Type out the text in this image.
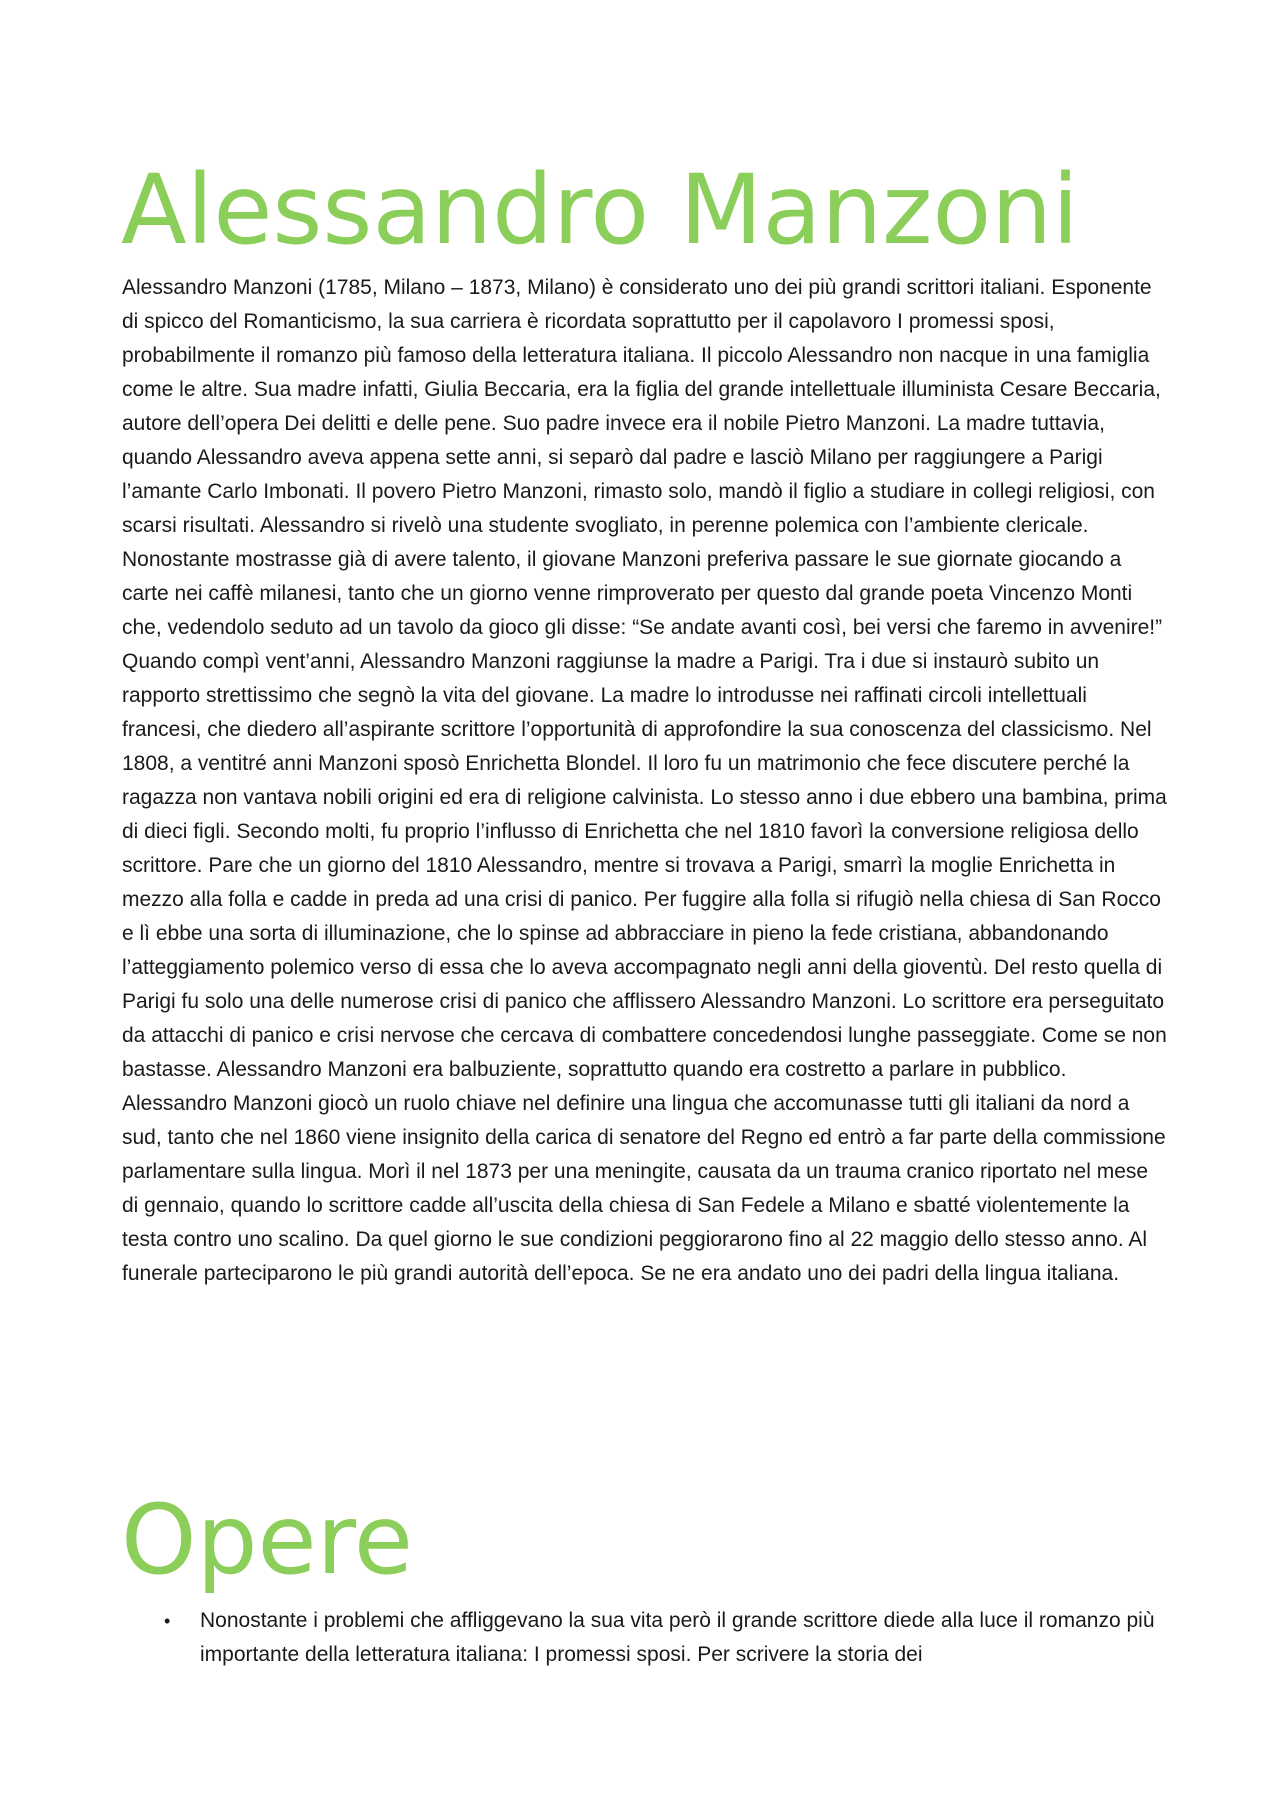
Alessandro Manzoni

Alessandro Manzoni (1785, Milano – 1873, Milano) è considerato uno dei più grandi scrittori italiani. Esponente di spicco del Romanticismo, la sua carriera è ricordata soprattutto per il capolavoro I promessi sposi, probabilmente il romanzo più famoso della letteratura italiana. Il piccolo Alessandro non nacque in una famiglia come le altre. Sua madre infatti, Giulia Beccaria, era la figlia del grande intellettuale illuminista Cesare Beccaria, autore dell’opera Dei delitti e delle pene. Suo padre invece era il nobile Pietro Manzoni. La madre tuttavia, quando Alessandro aveva appena sette anni, si separò dal padre e lasciò Milano per raggiungere a Parigi l’amante Carlo Imbonati. Il povero Pietro Manzoni, rimasto solo, mandò il figlio a studiare in collegi religiosi, con scarsi risultati. Alessandro si rivelò una studente svogliato, in perenne polemica con l’ambiente clericale. Nonostante mostrasse già di avere talento, il giovane Manzoni preferiva passare le sue giornate giocando a carte nei caffè milanesi, tanto che un giorno venne rimproverato per questo dal grande poeta Vincenzo Monti che, vedendolo seduto ad un tavolo da gioco gli disse: “Se andate avanti così, bei versi che faremo in avvenire!” Quando compì vent’anni, Alessandro Manzoni raggiunse la madre a Parigi. Tra i due si instaurò subito un rapporto strettissimo che segnò la vita del giovane. La madre lo introdusse nei raffinati circoli intellettuali francesi, che diedero all’aspirante scrittore l’opportunità di approfondire la sua conoscenza del classicismo. Nel 1808, a ventitré anni Manzoni sposò Enrichetta Blondel. Il loro fu un matrimonio che fece discutere perché la ragazza non vantava nobili origini ed era di religione calvinista. Lo stesso anno i due ebbero una bambina, prima di dieci figli. Secondo molti, fu proprio l’influsso di Enrichetta che nel 1810 favorì la conversione religiosa dello scrittore. Pare che un giorno del 1810 Alessandro, mentre si trovava a Parigi, smarrì la moglie Enrichetta in mezzo alla folla e cadde in preda ad una crisi di panico. Per fuggire alla folla si rifugiò nella chiesa di San Rocco e lì ebbe una sorta di illuminazione, che lo spinse ad abbracciare in pieno la fede cristiana, abbandonando l’atteggiamento polemico verso di essa che lo aveva accompagnato negli anni della gioventù. Del resto quella di Parigi fu solo una delle numerose crisi di panico che afflissero Alessandro Manzoni. Lo scrittore era perseguitato da attacchi di panico e crisi nervose che cercava di combattere concedendosi lunghe passeggiate. Come se non bastasse. Alessandro Manzoni era balbuziente, soprattutto quando era costretto a parlare in pubblico. Alessandro Manzoni giocò un ruolo chiave nel definire una lingua che accomunasse tutti gli italiani da nord a sud, tanto che nel 1860 viene insignito della carica di senatore del Regno ed entrò a far parte della commissione parlamentare sulla lingua. Morì il nel 1873 per una meningite, causata da un trauma cranico riportato nel mese di gennaio, quando lo scrittore cadde all’uscita della chiesa di San Fedele a Milano e sbatté violentemente la testa contro uno scalino. Da quel giorno le sue condizioni peggiorarono fino al 22 maggio dello stesso anno. Al funerale parteciparono le più grandi autorità dell’epoca. Se ne era andato uno dei padri della lingua italiana.

Opere
• Nonostante i problemi che affliggevano la sua vita però il grande scrittore diede alla luce il romanzo più importante della letteratura italiana: I promessi sposi. Per scrivere la storia dei
